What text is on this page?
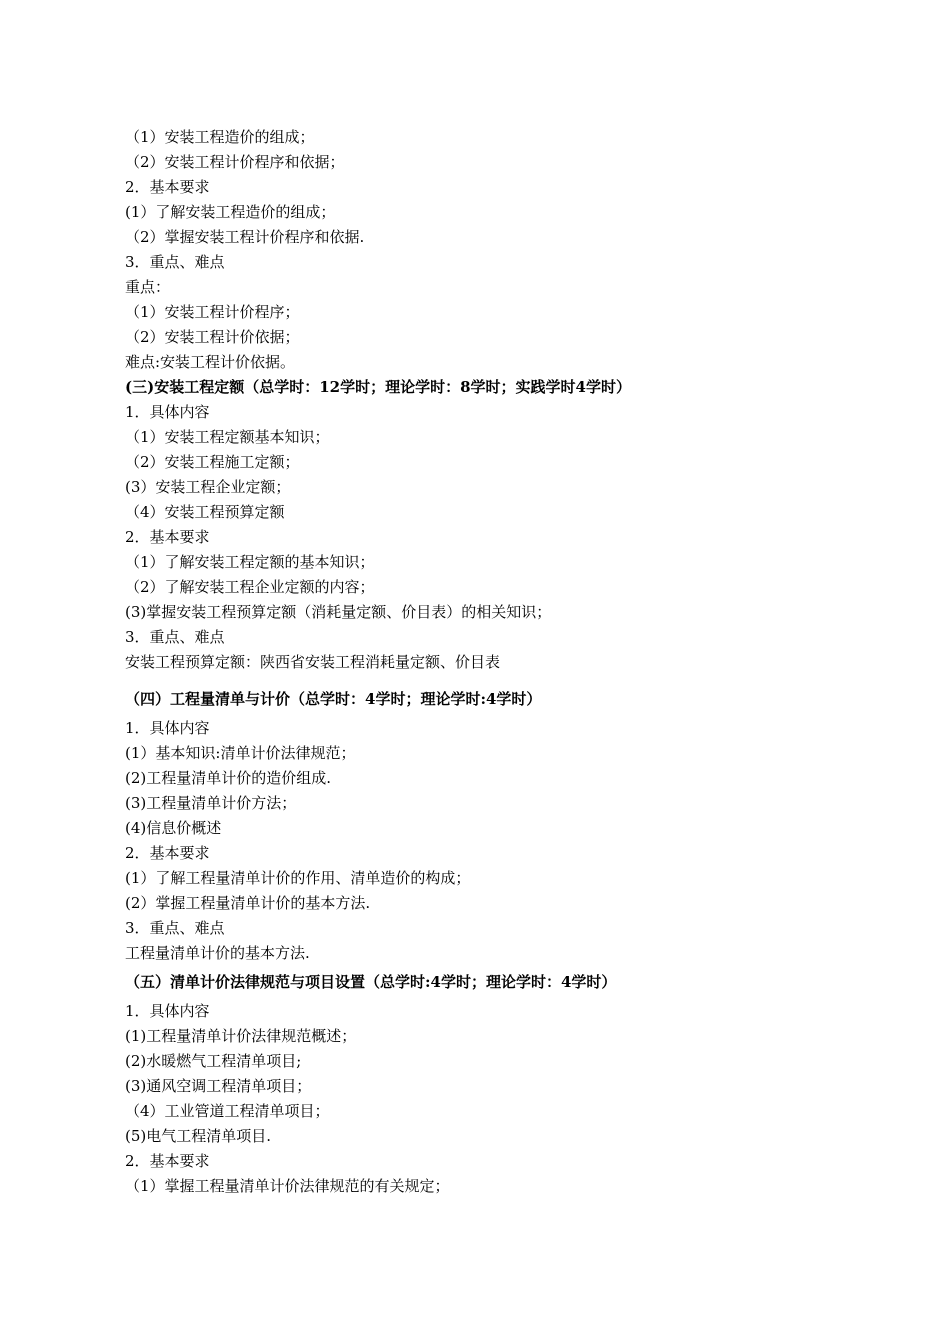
（1）安装工程造价的组成；
（2）安装工程计价程序和依据；
2．基本要求
(1）了解安装工程造价的组成；
（2）掌握安装工程计价程序和依据.
3．重点、难点
重点：
（1）安装工程计价程序；
（2）安装工程计价依据；
难点:安装工程计价依据。
(三)安装工程定额（总学时：12学时；理论学时：8学时；实践学时4学时）
1．具体内容
（1）安装工程定额基本知识；
（2）安装工程施工定额；
(3）安装工程企业定额；
（4）安装工程预算定额
2．基本要求
（1）了解安装工程定额的基本知识；
（2）了解安装工程企业定额的内容；
(3)掌握安装工程预算定额（消耗量定额、价目表）的相关知识；
3．重点、难点
安装工程预算定额：陕西省安装工程消耗量定额、价目表
（四）工程量清单与计价（总学时：4学时；理论学时:4学时）
1．具体内容
(1）基本知识:清单计价法律规范；
(2)工程量清单计价的造价组成.
(3)工程量清单计价方法；
(4)信息价概述
2．基本要求
(1）了解工程量清单计价的作用、清单造价的构成；
(2）掌握工程量清单计价的基本方法.
3．重点、难点
工程量清单计价的基本方法.
（五）清单计价法律规范与项目设置（总学时:4学时；理论学时：4学时）
1．具体内容
(1)工程量清单计价法律规范概述；
(2)水暖燃气工程清单项目;
(3)通风空调工程清单项目；
（4）工业管道工程清单项目；
(5)电气工程清单项目.
2．基本要求
（1）掌握工程量清单计价法律规范的有关规定；
